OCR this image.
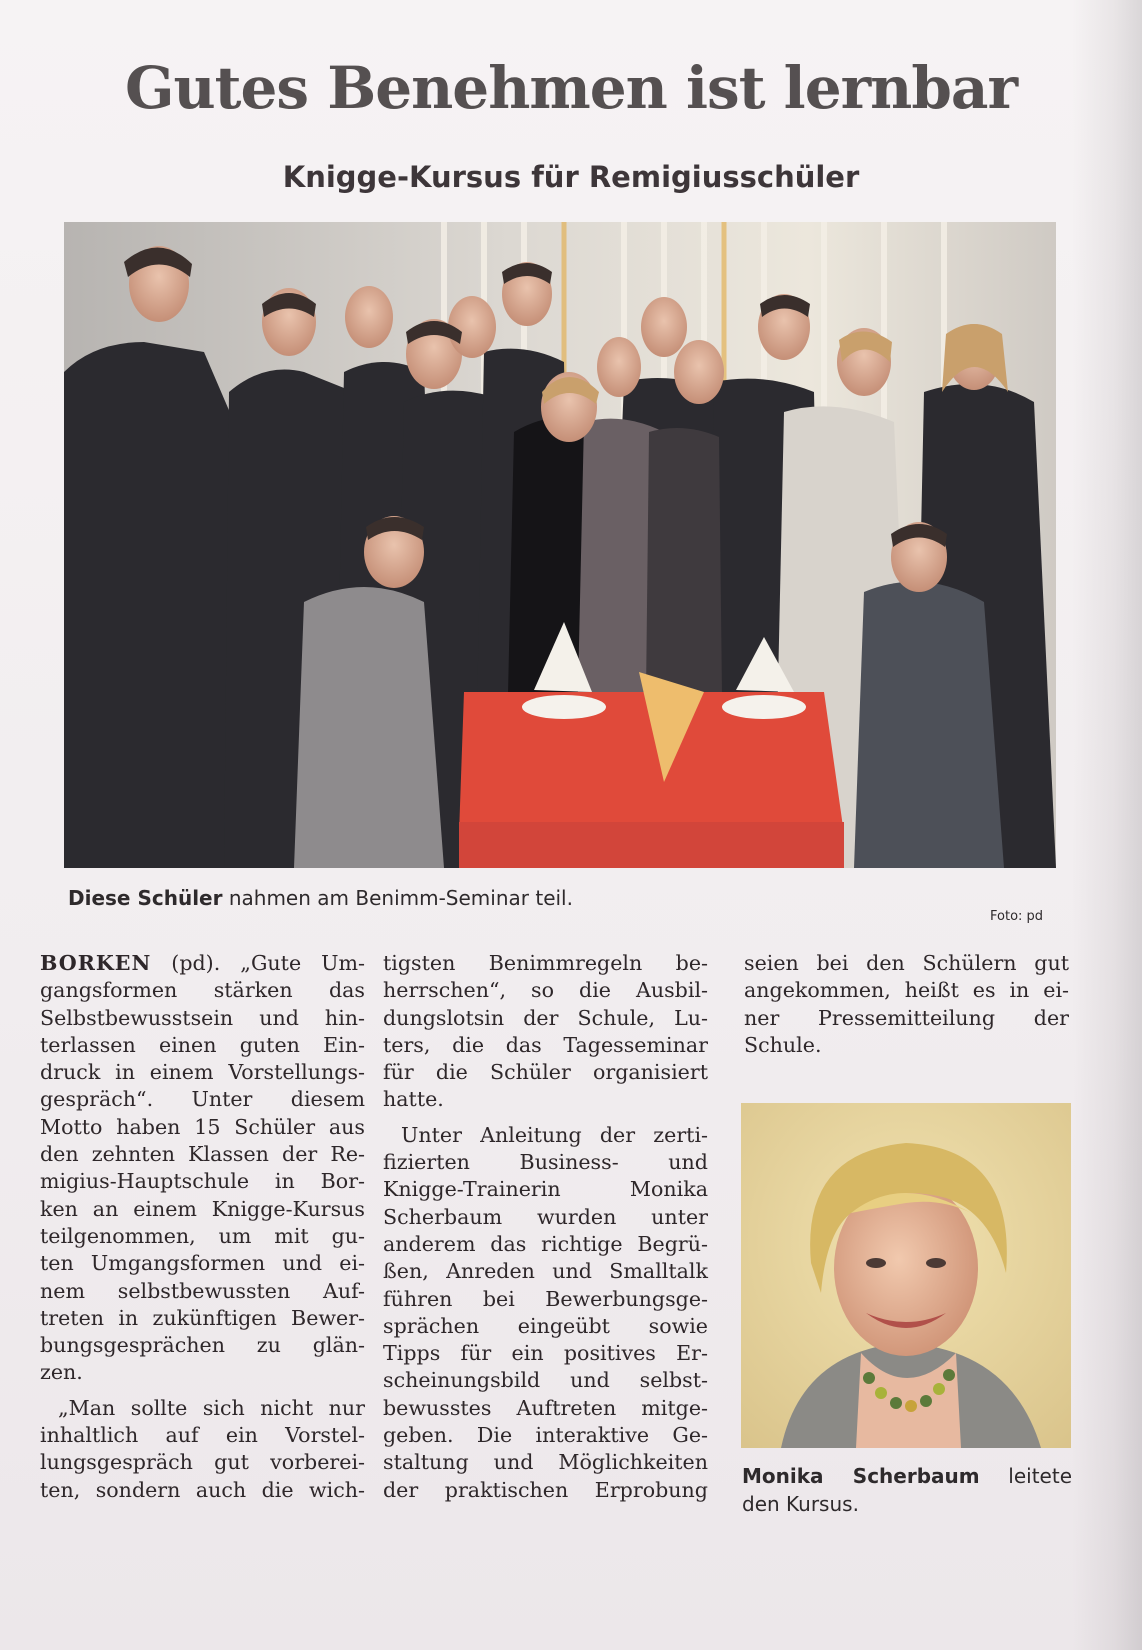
Gutes Benehmen ist lernbar
Knigge-Kursus für Remigiusschüler
Diese Schüler nahmen am Benimm-Seminar teil.
Foto: pd
BORKEN (pd). „Gute Um-
gangsformen stärken das
Selbstbewusstsein und hin-
terlassen einen guten Ein-
druck in einem Vorstellungs-
gespräch“. Unter diesem
Motto haben 15 Schüler aus
den zehnten Klassen der Re-
migius-Hauptschule in Bor-
ken an einem Knigge-Kursus
teilgenommen, um mit gu-
ten Umgangsformen und ei-
nem selbstbewussten Auf-
treten in zukünftigen Bewer-
bungsgesprächen zu glän-
zen.
„Man sollte sich nicht nur
inhaltlich auf ein Vorstel-
lungsgespräch gut vorberei-
ten, sondern auch die wich-
tigsten Benimmregeln be-
herrschen“, so die Ausbil-
dungslotsin der Schule, Lu-
ters, die das Tagesseminar
für die Schüler organisiert
hatte.
Unter Anleitung der zerti-
fizierten Business- und
Knigge-Trainerin Monika
Scherbaum wurden unter
anderem das richtige Begrü-
ßen, Anreden und Smalltalk
führen bei Bewerbungsge-
sprächen eingeübt sowie
Tipps für ein positives Er-
scheinungsbild und selbst-
bewusstes Auftreten mitge-
geben. Die interaktive Ge-
staltung und Möglichkeiten
der praktischen Erprobung
seien bei den Schülern gut
angekommen, heißt es in ei-
ner Pressemitteilung der
Schule.
Monika Scherbaum leitete
den Kursus.
